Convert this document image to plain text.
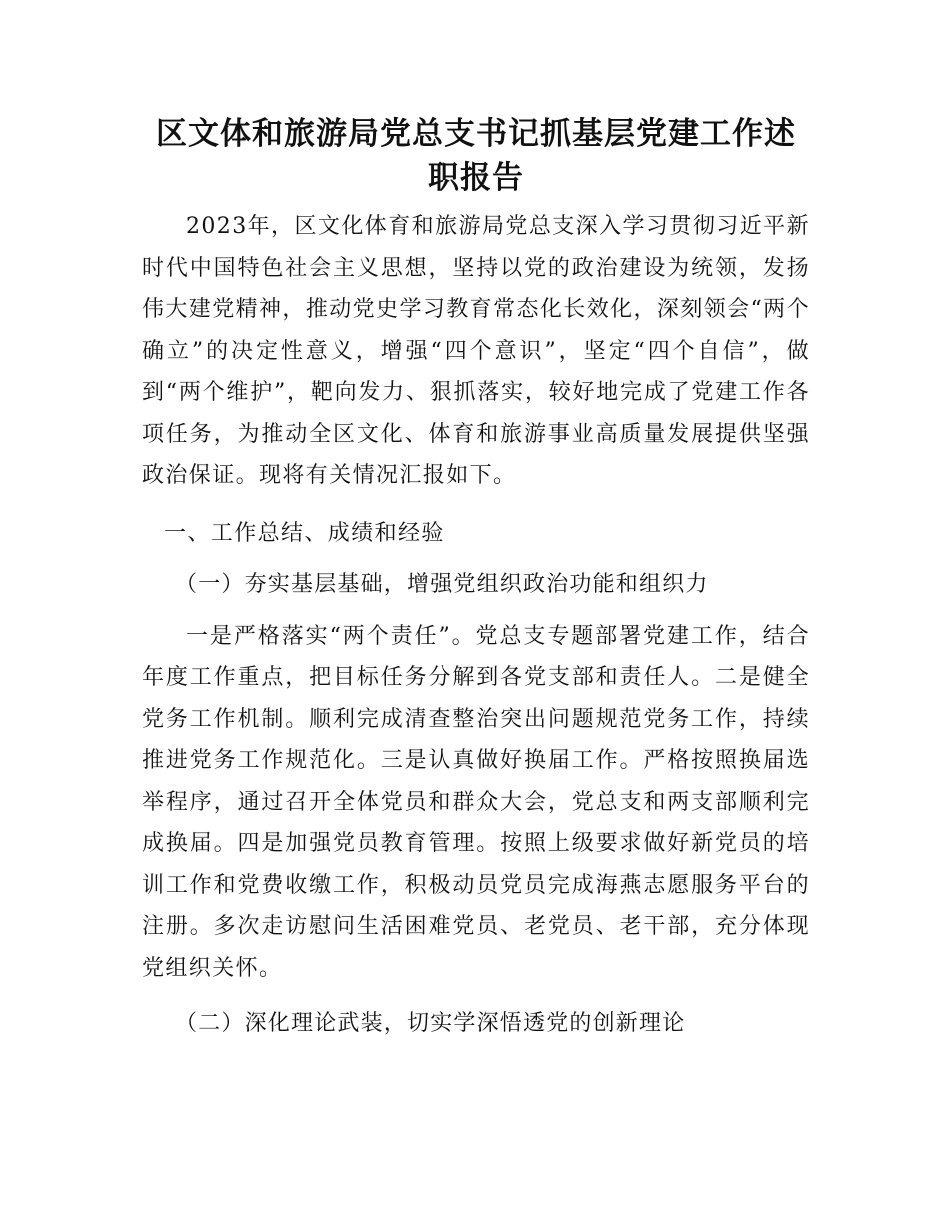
区文体和旅游局党总支书记抓基层党建工作述职报告

2023年，区文化体育和旅游局党总支深入学习贯彻习近平新时代中国特色社会主义思想，坚持以党的政治建设为统领，发扬伟大建党精神，推动党史学习教育常态化长效化，深刻领会“两个确立”的决定性意义，增强“四个意识”，坚定“四个自信”，做到“两个维护”，靶向发力、狠抓落实，较好地完成了党建工作各项任务，为推动全区文化、体育和旅游事业高质量发展提供坚强政治保证。现将有关情况汇报如下。

一、工作总结、成绩和经验

（一）夯实基层基础，增强党组织政治功能和组织力

一是严格落实“两个责任”。党总支专题部署党建工作，结合年度工作重点，把目标任务分解到各党支部和责任人。二是健全党务工作机制。顺利完成清查整治突出问题规范党务工作，持续推进党务工作规范化。三是认真做好换届工作。严格按照换届选举程序，通过召开全体党员和群众大会，党总支和两支部顺利完成换届。四是加强党员教育管理。按照上级要求做好新党员的培训工作和党费收缴工作，积极动员党员完成海燕志愿服务平台的注册。多次走访慰问生活困难党员、老党员、老干部，充分体现党组织关怀。

（二）深化理论武装，切实学深悟透党的创新理论
